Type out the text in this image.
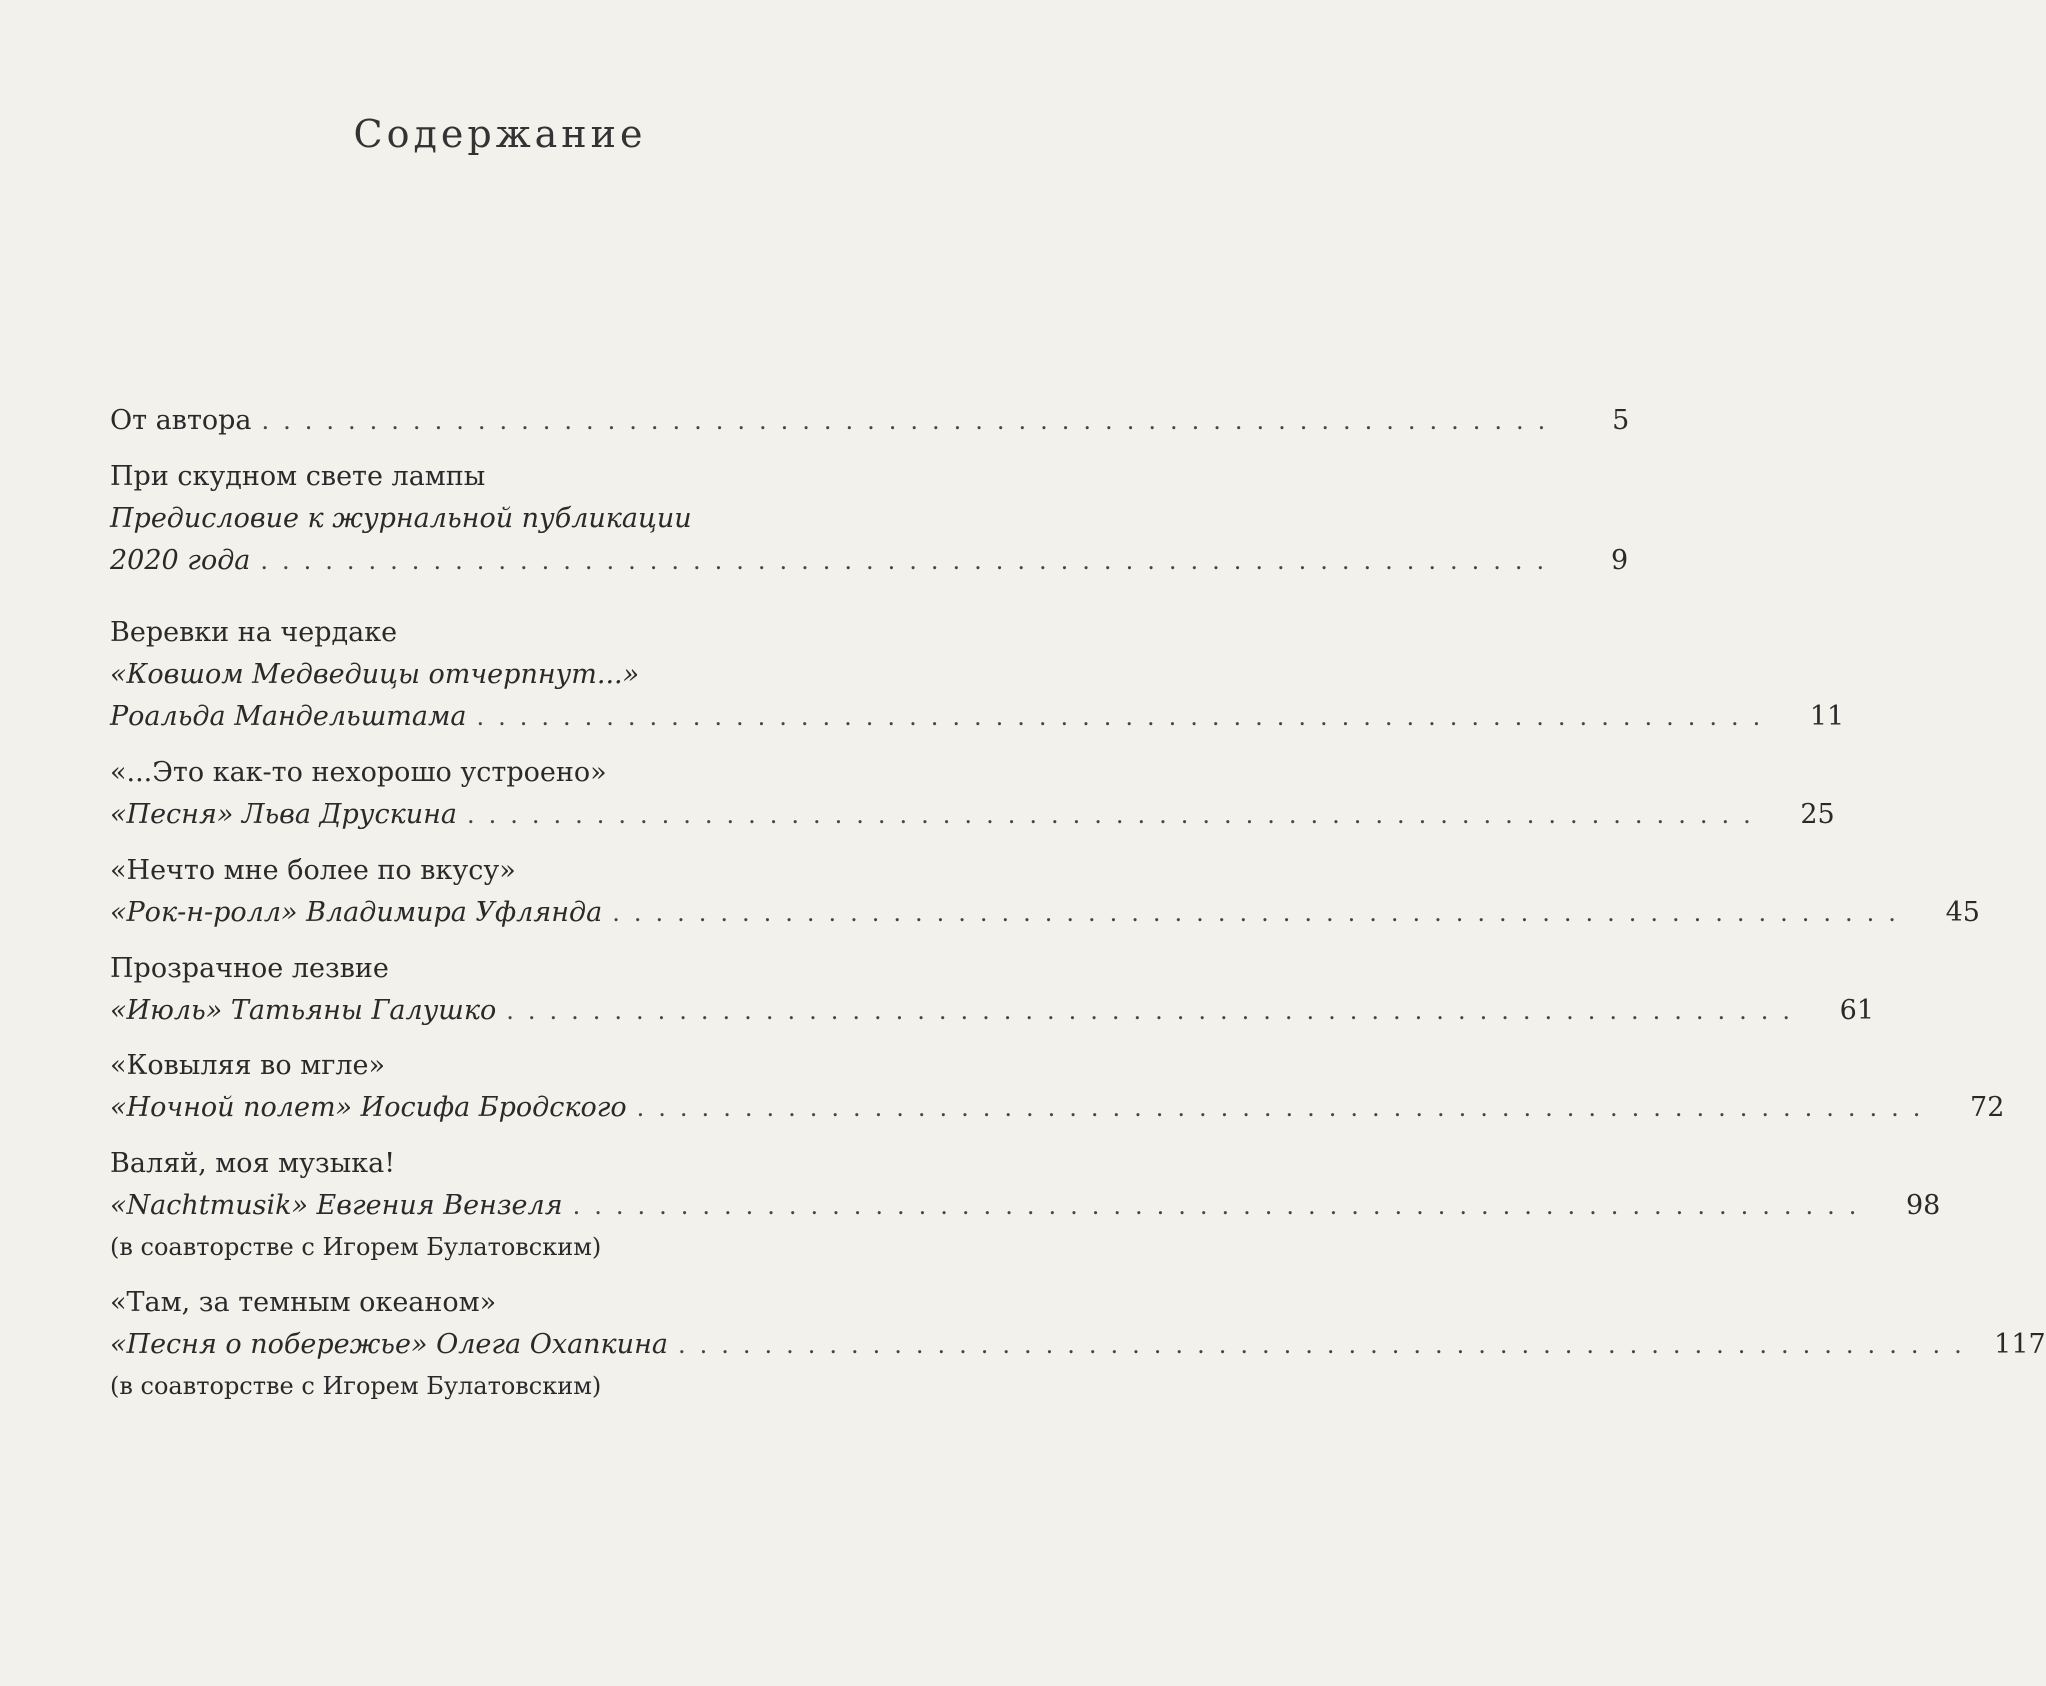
Содержание
От автора ............................................................	5
При скудном свете лампы
Предисловие к журнальной публикации
2020 года ............................................................	9
Веревки на чердаке
«Ковшом Медведицы отчерпнут...»
Роальда Мандельштама ............................................................	11
«...Это как-то нехорошо устроено»
«Песня» Льва Друскина ............................................................	25
«Нечто мне более по вкусу»
«Рок-н-ролл» Владимира Уфлянда ............................................................	45
Прозрачное лезвие
«Июль» Татьяны Галушко ............................................................	61
«Ковыляя во мгле»
«Ночной полет» Иосифа Бродского ............................................................	72
Валяй, моя музыка!
«Nachtmusik» Евгения Вензеля ............................................................	98
(в соавторстве с Игорем Булатовским)
«Там, за темным океаном»
«Песня о побережье» Олега Охапкина ............................................................ 117
(в соавторстве с Игорем Булатовским)
